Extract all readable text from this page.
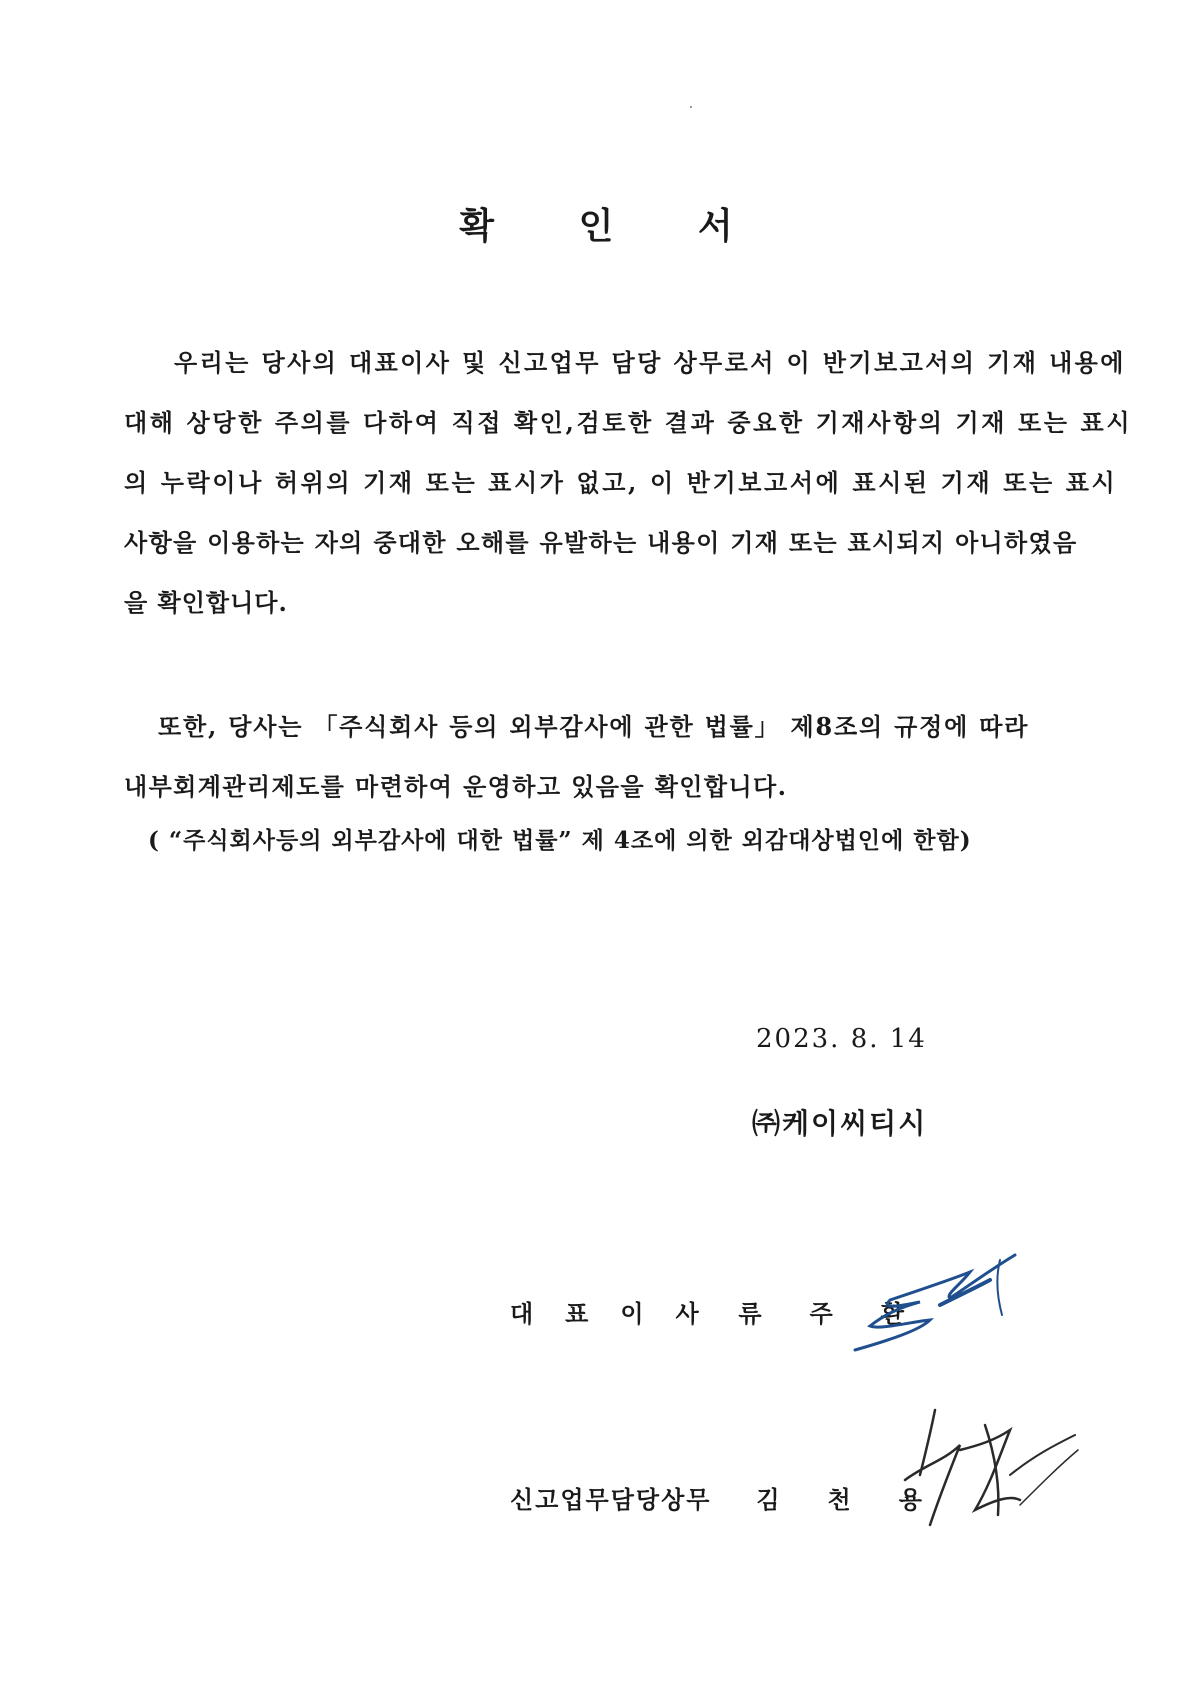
확 인 서
우리는 당사의 대표이사 및 신고업무 담당 상무로서 이 반기보고서의 기재 내용에
대해 상당한 주의를 다하여 직접 확인,검토한 결과 중요한 기재사항의 기재 또는 표시
의 누락이나 허위의 기재 또는 표시가 없고, 이 반기보고서에 표시된 기재 또는 표시
사항을 이용하는 자의 중대한 오해를 유발하는 내용이 기재 또는 표시되지 아니하였음
을 확인합니다.
또한, 당사는 「주식회사 등의 외부감사에 관한 법률」 제8조의 규정에 따라
내부회계관리제도를 마련하여 운영하고 있음을 확인합니다.
( “주식회사등의 외부감사에 대한 법률” 제 4조에 의한 외감대상법인에 한함)
2023. 8. 14
㈜케이씨티시
대표이사 류주환
신고업무담당상무 김천용
